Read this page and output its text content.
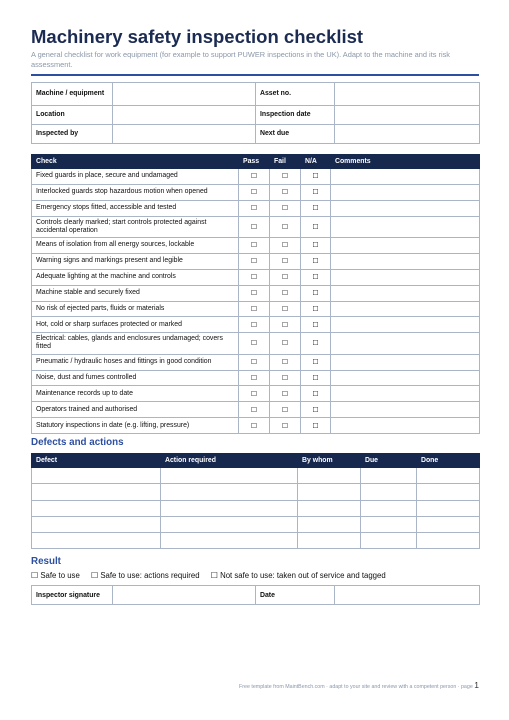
Machinery safety inspection checklist
A general checklist for work equipment (for example to support PUWER inspections in the UK). Adapt to the machine and its risk assessment.
Machine / equipment		Asset no.	
Location		Inspection date	
Inspected by		Next due	
Check	Pass	Fail	N/A	Comments
Fixed guards in place, secure and undamaged	☐	☐	☐	
Interlocked guards stop hazardous motion when opened	☐	☐	☐	
Emergency stops fitted, accessible and tested	☐	☐	☐	
Controls clearly marked; start controls protected against accidental operation	☐	☐	☐	
Means of isolation from all energy sources, lockable	☐	☐	☐	
Warning signs and markings present and legible	☐	☐	☐	
Adequate lighting at the machine and controls	☐	☐	☐	
Machine stable and securely fixed	☐	☐	☐	
No risk of ejected parts, fluids or materials	☐	☐	☐	
Hot, cold or sharp surfaces protected or marked	☐	☐	☐	
Electrical: cables, glands and enclosures undamaged; covers fitted	☐	☐	☐	
Pneumatic / hydraulic hoses and fittings in good condition	☐	☐	☐	
Noise, dust and fumes controlled	☐	☐	☐	
Maintenance records up to date	☐	☐	☐	
Operators trained and authorised	☐	☐	☐	
Statutory inspections in date (e.g. lifting, pressure)	☐	☐	☐	
Defects and actions
Defect	Action required	By whom	Due	Done

Result
☐ Safe to use ☐ Safe to use: actions required ☐ Not safe to use: taken out of service and tagged
Inspector signature		Date	
Free template from MaintBench.com · adapt to your site and review with a competent person · page 1
